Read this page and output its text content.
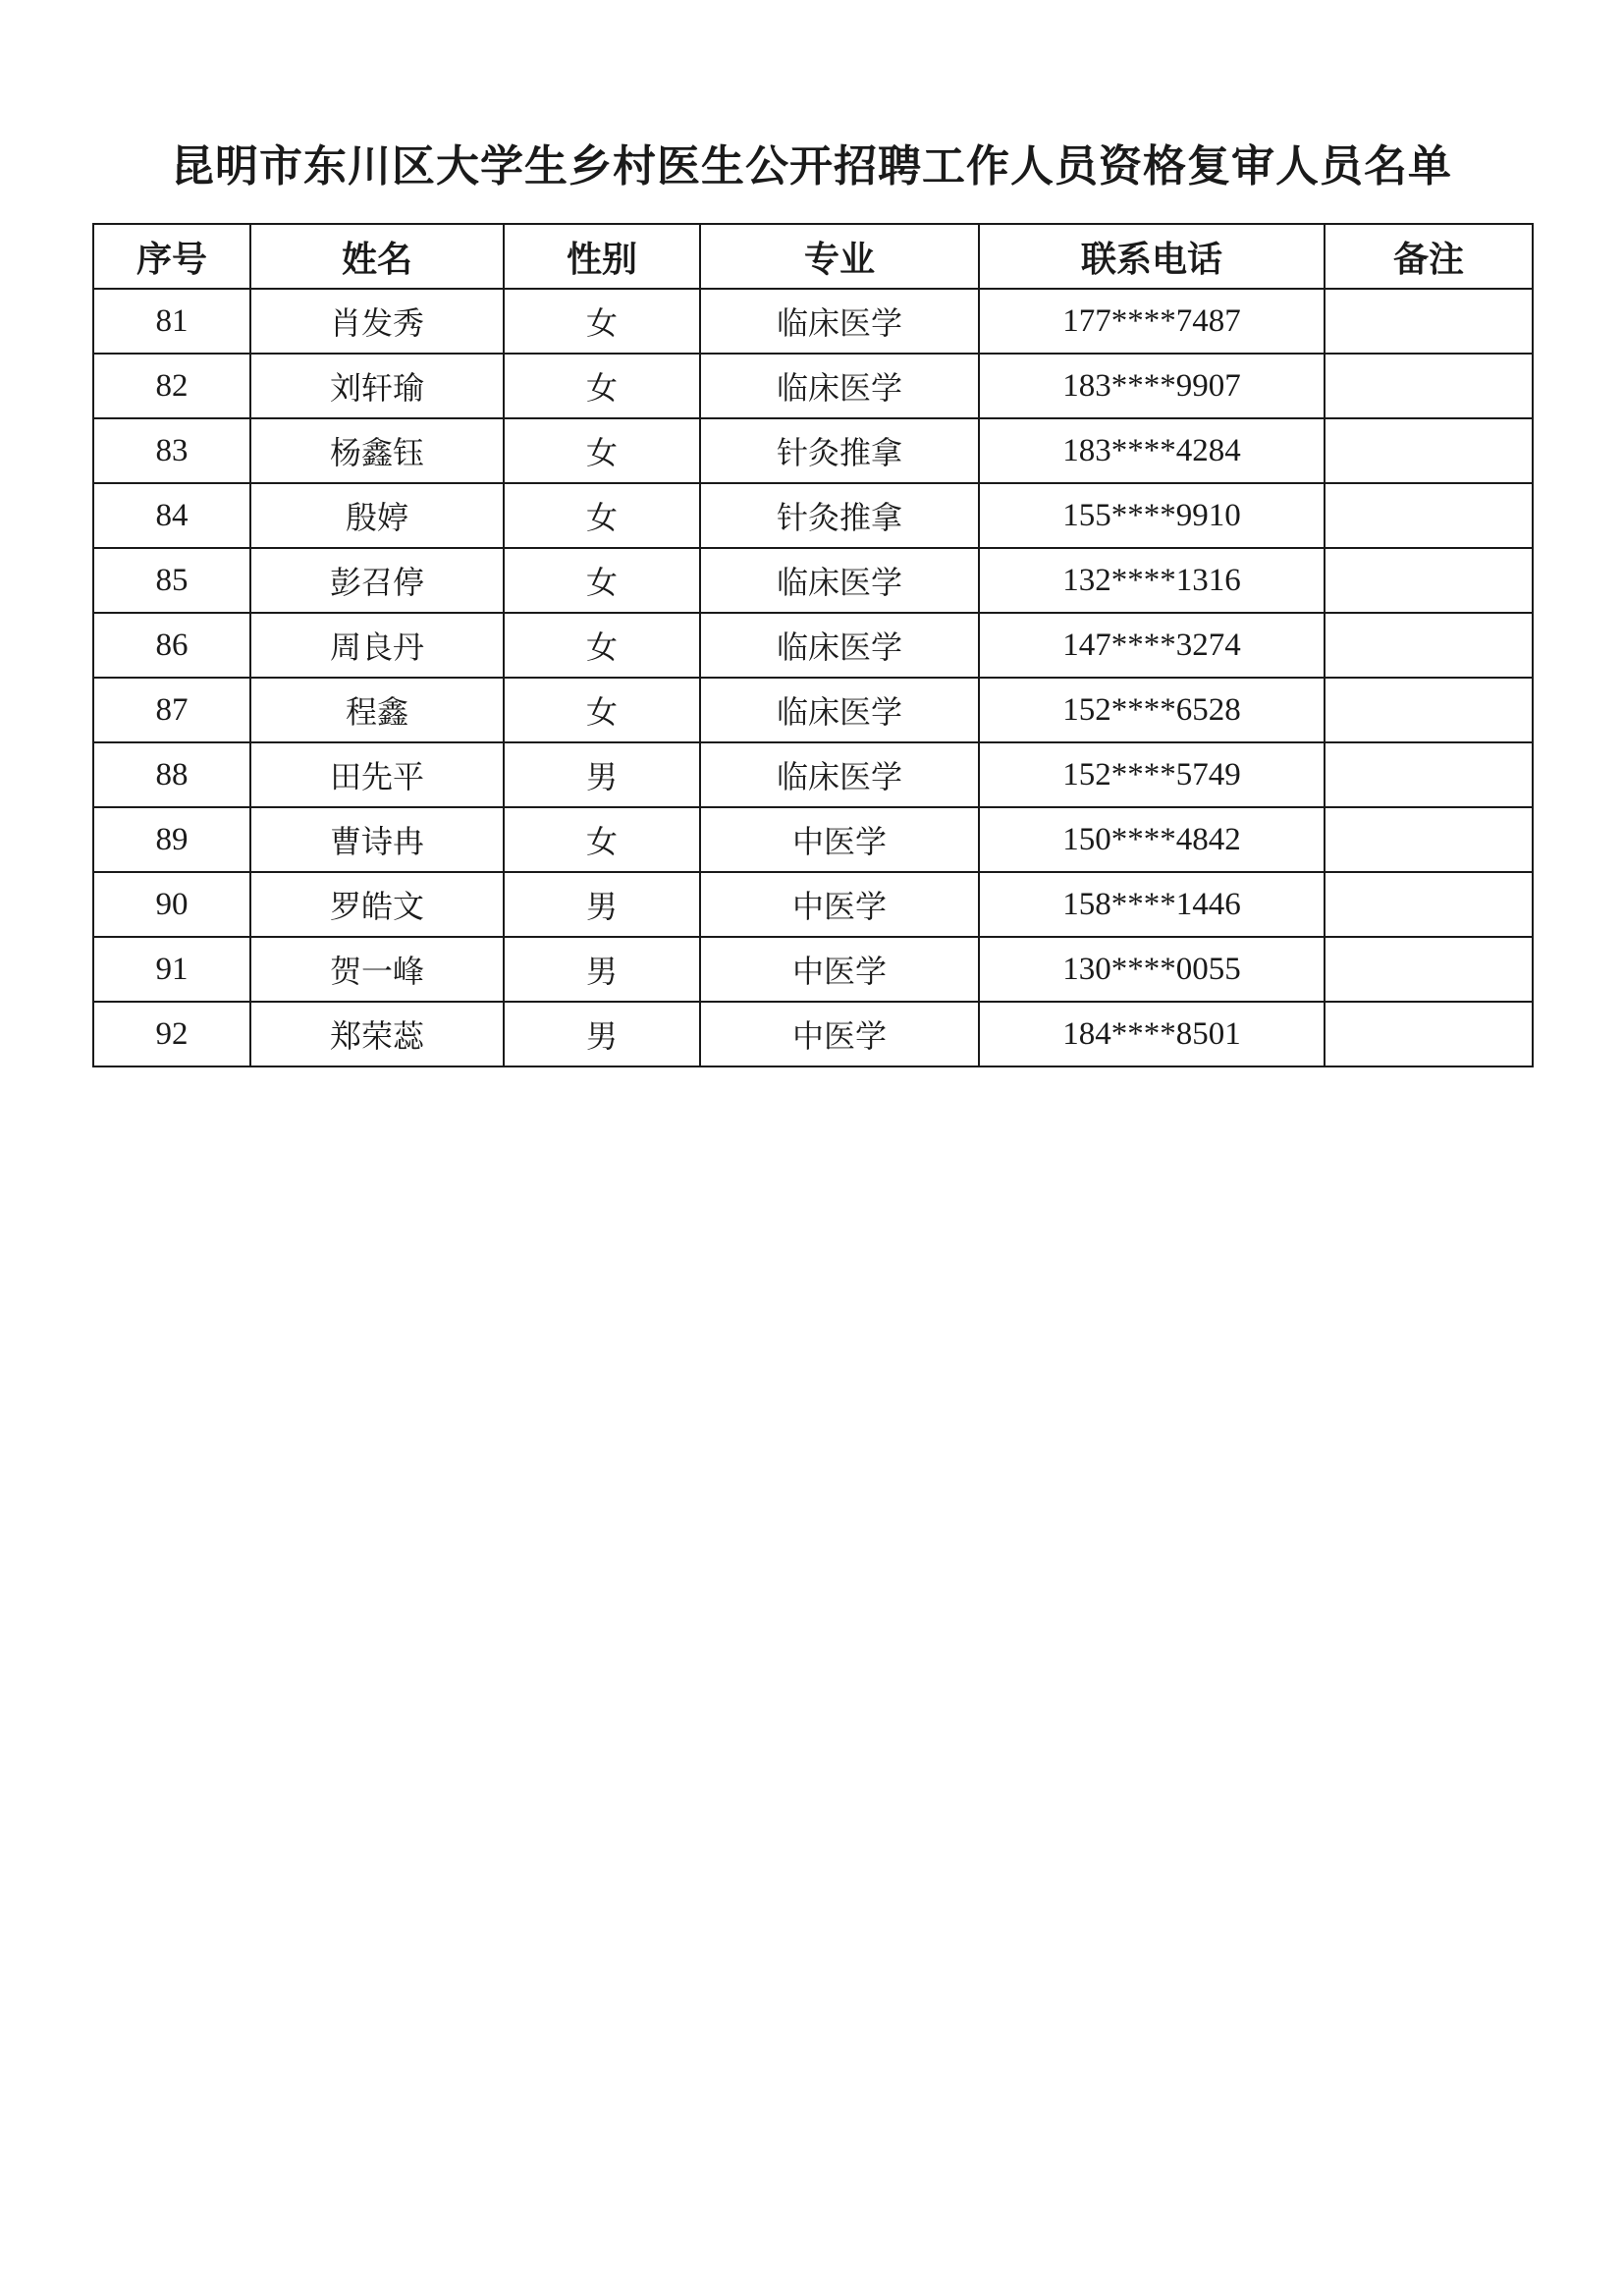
昆明市东川区大学生乡村医生公开招聘工作人员资格复审人员名单
序号	姓名	性别	专业	联系电话	备注
81	肖发秀	女	临床医学	177****7487	
82	刘轩瑜	女	临床医学	183****9907	
83	杨鑫钰	女	针灸推拿	183****4284	
84	殷婷	女	针灸推拿	155****9910	
85	彭召停	女	临床医学	132****1316	
86	周良丹	女	临床医学	147****3274	
87	程鑫	女	临床医学	152****6528	
88	田先平	男	临床医学	152****5749	
89	曹诗冉	女	中医学	150****4842	
90	罗皓文	男	中医学	158****1446	
91	贺一峰	男	中医学	130****0055	
92	郑荣蕊	男	中医学	184****8501	
